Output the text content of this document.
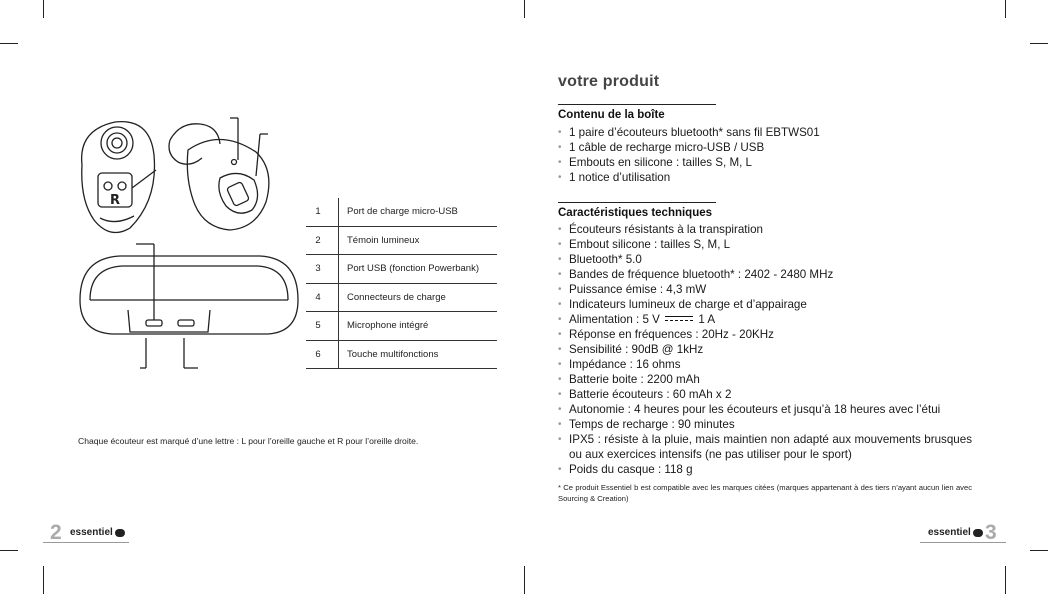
R
1	Port de charge micro-USB
2	Témoin lumineux
3	Port USB (fonction Powerbank)
4	Connecteurs de charge
5	Microphone intégré
6	Touche multifonctions
Chaque écouteur est marqué d’une lettre : L pour l’oreille gauche et R pour l’oreille droite.
2 essentiel
votre produit
Contenu de la boîte
• 1 paire d’écouteurs bluetooth* sans fil EBTWS01
• 1 câble de recharge micro-USB / USB
• Embouts en silicone : tailles S, M, L
• 1 notice d’utilisation
Caractéristiques techniques
• Écouteurs résistants à la transpiration
• Embout silicone : tailles S, M, L
• Bluetooth* 5.0
• Bandes de fréquence bluetooth* : 2402 - 2480 MHz
• Puissance émise : 4,3 mW
• Indicateurs lumineux de charge et d’appairage
• Alimentation : 5 V	1 A
• Réponse en fréquences : 20Hz - 20KHz
• Sensibilité : 90dB @ 1kHz
• Impédance : 16 ohms
• Batterie boite : 2200 mAh
• Batterie écouteurs : 60 mAh x 2
• Autonomie : 4 heures pour les écouteurs et jusqu’à 18 heures avec l’étui
• Temps de recharge : 90 minutes
• IPX5 : résiste à la pluie, mais maintien non adapté aux mouvements brusques ou aux exercices intensifs (ne pas utiliser pour le sport)
• Poids du casque : 118 g
* Ce produit Essentiel b est compatible avec les marques citées (marques appartenant à des tiers n’ayant aucun lien avec Sourcing & Creation)
essentiel 3
